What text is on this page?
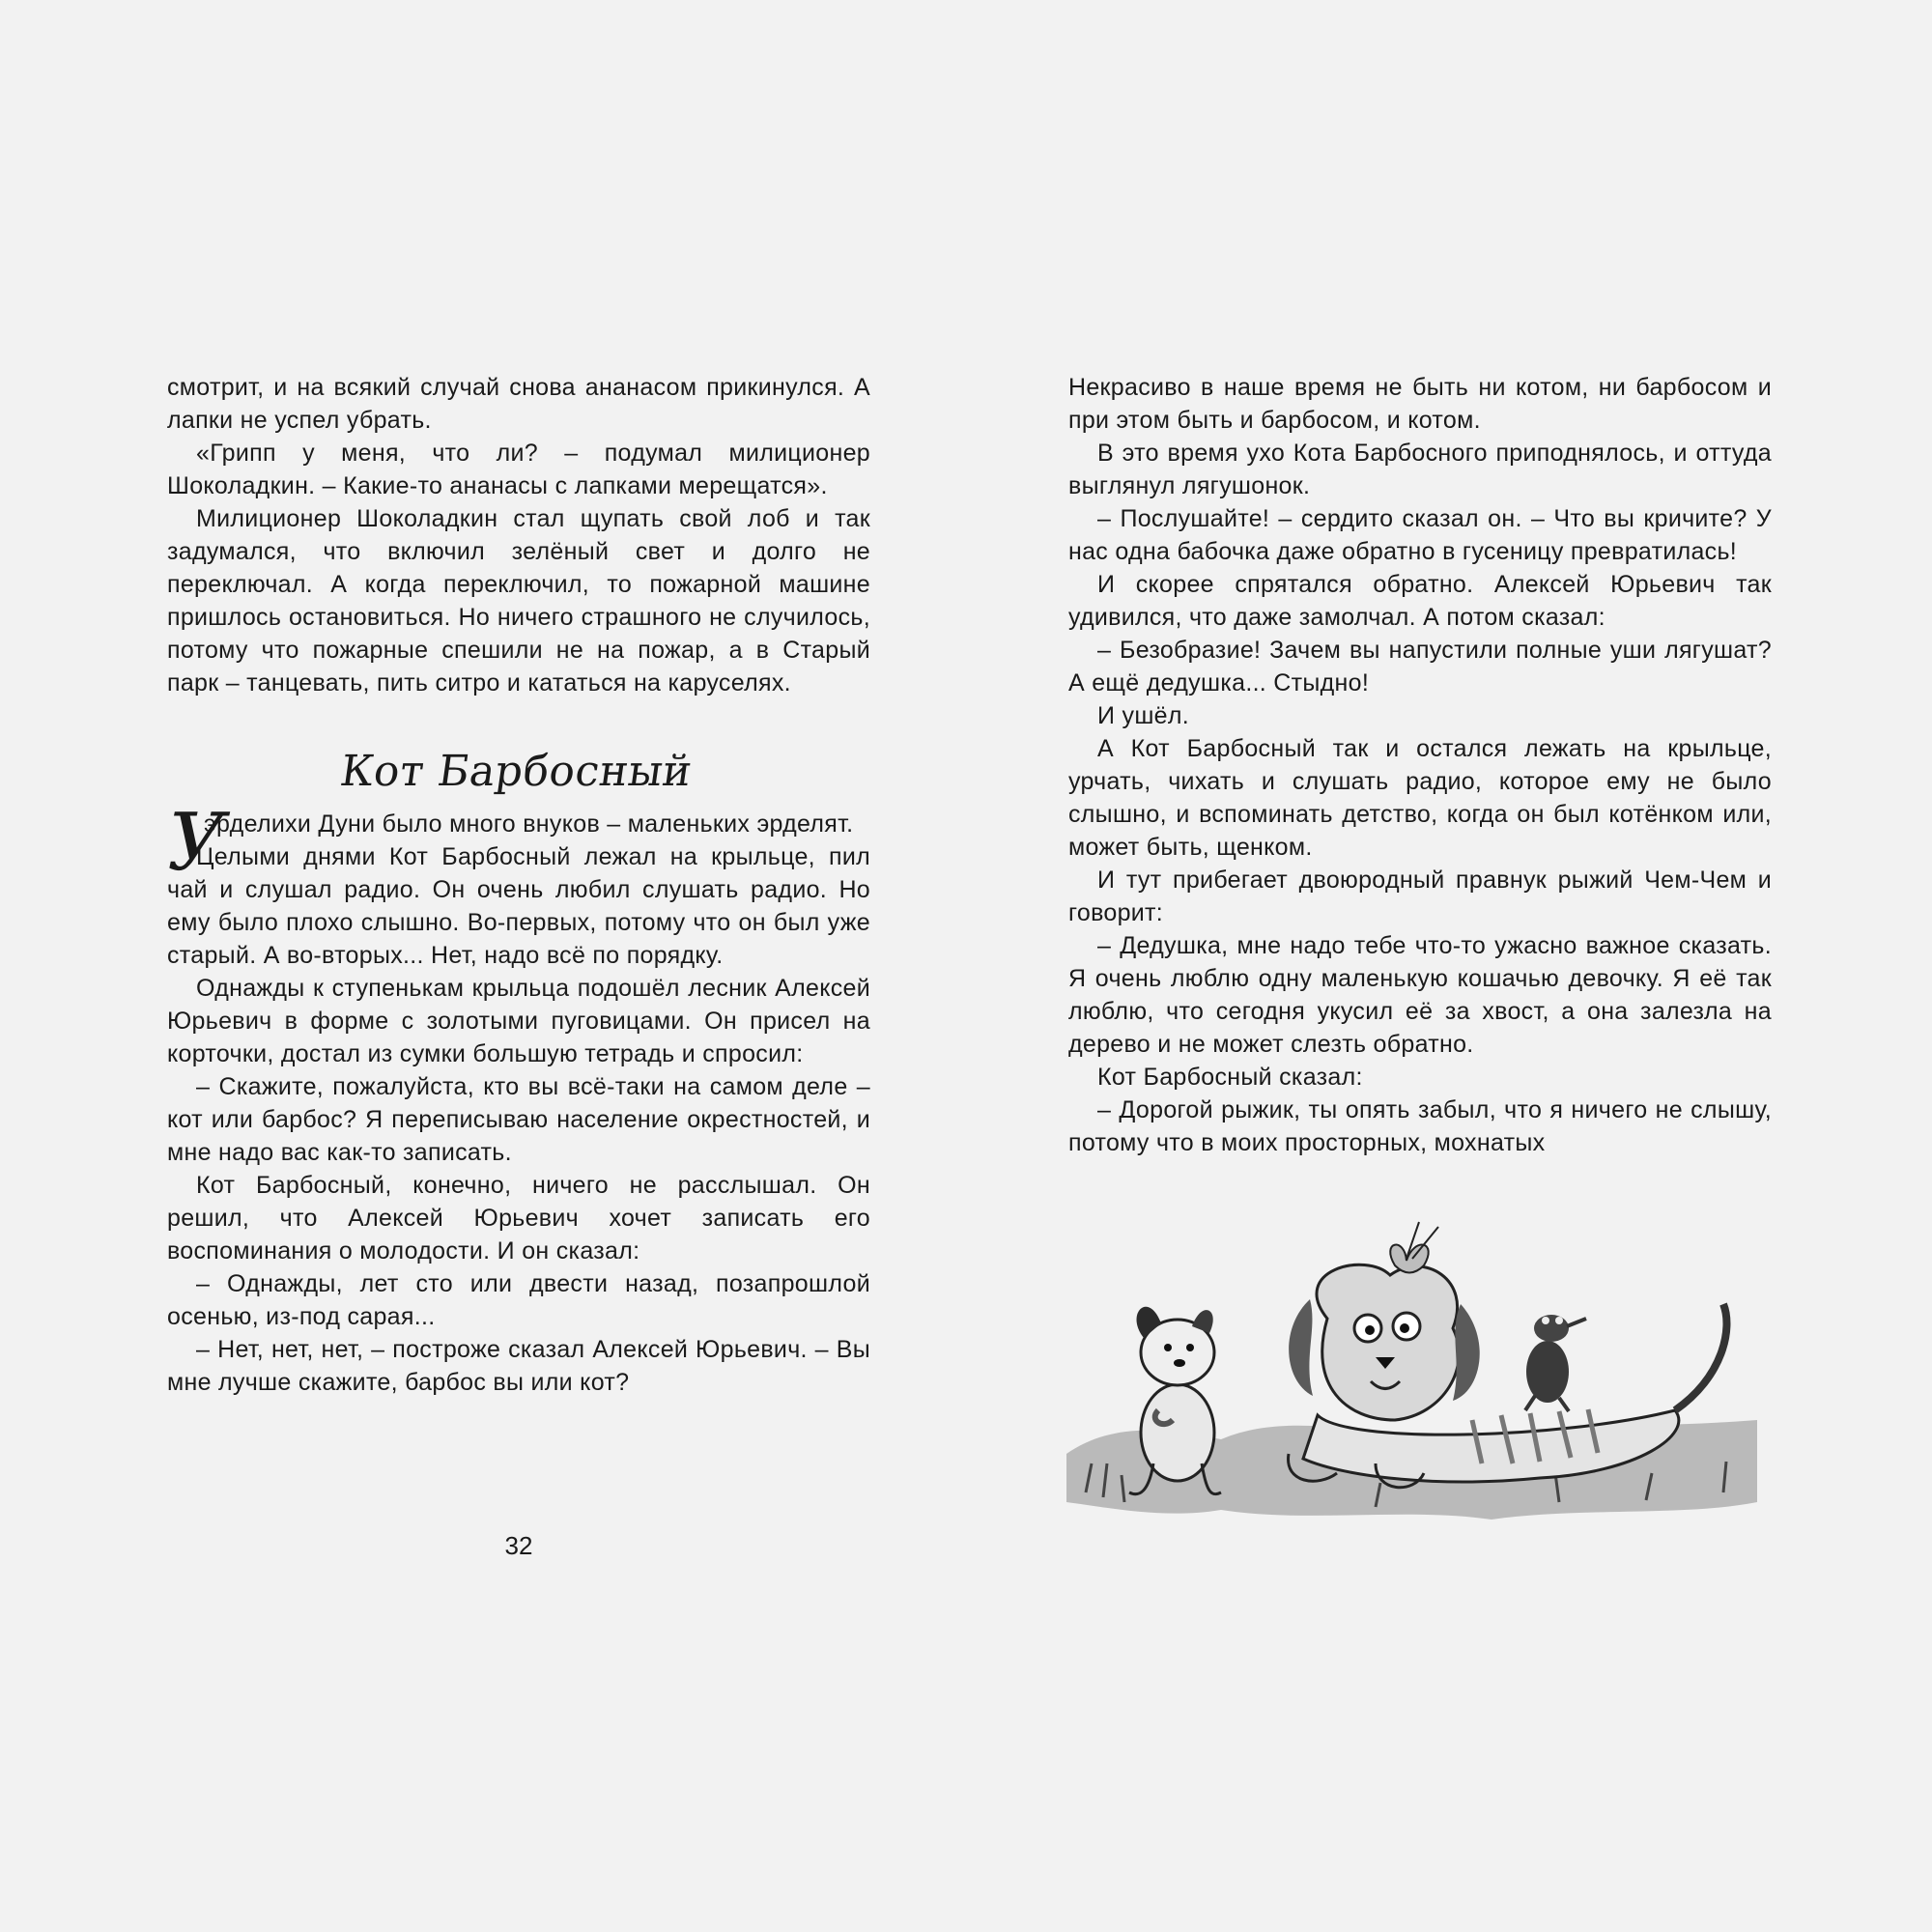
смотрит, и на всякий случай снова ананасом прикинулся. А лапки не успел убрать.

«Грипп у меня, что ли? – подумал милиционер Шоколадкин. – Какие-то ананасы с лапками мерещатся».

Милиционер Шоколадкин стал щупать свой лоб и так задумался, что включил зелёный свет и долго не переключал. А когда переключил, то пожарной машине пришлось остановиться. Но ничего страшного не случилось, потому что пожарные спешили не на пожар, а в Старый парк – танцевать, пить ситро и кататься на каруселях.

Кот Барбосный

У
эрделихи Дуни было много внуков – маленьких эрделят.

Целыми днями Кот Барбосный лежал на крыльце, пил чай и слушал радио. Он очень любил слушать радио. Но ему было плохо слышно. Во-первых, потому что он был уже старый. А во-вторых... Нет, надо всё по порядку.

Однажды к ступенькам крыльца подошёл лесник Алексей Юрьевич в форме с золотыми пуговицами. Он присел на корточки, достал из сумки большую тетрадь и спросил:

– Скажите, пожалуйста, кто вы всё-таки на самом деле – кот или барбос? Я переписываю население окрестностей, и мне надо вас как-то записать.

Кот Барбосный, конечно, ничего не расслышал. Он решил, что Алексей Юрьевич хочет записать его воспоминания о молодости. И он сказал:

– Однажды, лет сто или двести назад, позапрошлой осенью, из-под сарая...

– Нет, нет, нет, – построже сказал Алексей Юрьевич. – Вы мне лучше скажите, барбос вы или кот?

32

Некрасиво в наше время не быть ни котом, ни барбосом и при этом быть и барбосом, и котом.

В это время ухо Кота Барбосного приподнялось, и оттуда выглянул лягушонок.

– Послушайте! – сердито сказал он. – Что вы кричите? У нас одна бабочка даже обратно в гусеницу превратилась!

И скорее спрятался обратно. Алексей Юрьевич так удивился, что даже замолчал. А потом сказал:

– Безобразие! Зачем вы напустили полные уши лягушат? А ещё дедушка... Стыдно!

И ушёл.

А Кот Барбосный так и остался лежать на крыльце, урчать, чихать и слушать радио, которое ему не было слышно, и вспоминать детство, когда он был котёнком или, может быть, щенком.

И тут прибегает двоюродный правнук рыжий Чем-Чем и говорит:

– Дедушка, мне надо тебе что-то ужасно важное сказать. Я очень люблю одну маленькую кошачью девочку. Я её так люблю, что сегодня укусил её за хвост, а она залезла на дерево и не может слезть обратно.

Кот Барбосный сказал:

– Дорогой рыжик, ты опять забыл, что я ничего не слышу, потому что в моих просторных, мохнатых
